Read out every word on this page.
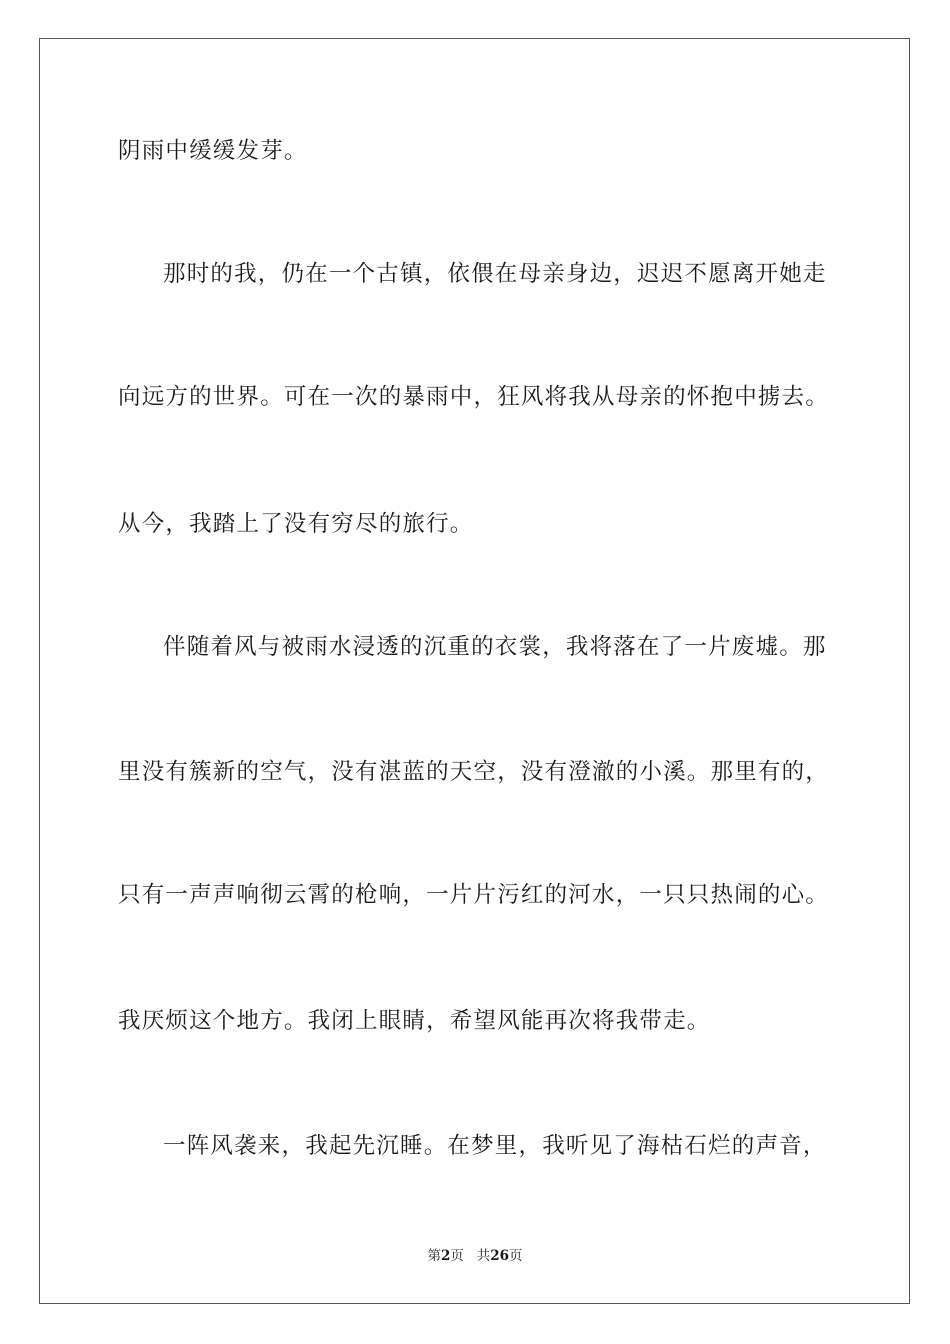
阴雨中缓缓发芽。
那时的我，仍在一个古镇，依偎在母亲身边，迟迟不愿离开她走
向远方的世界。可在一次的暴雨中，狂风将我从母亲的怀抱中掳去。
从今，我踏上了没有穷尽的旅行。
伴随着风与被雨水浸透的沉重的衣裳，我将落在了一片废墟。那
里没有簇新的空气，没有湛蓝的天空，没有澄澈的小溪。那里有的，
只有一声声响彻云霄的枪响，一片片污红的河水，一只只热闹的心。
我厌烦这个地方。我闭上眼睛，希望风能再次将我带走。
一阵风袭来，我起先沉睡。在梦里，我听见了海枯石烂的声音，
第2页 共26页
